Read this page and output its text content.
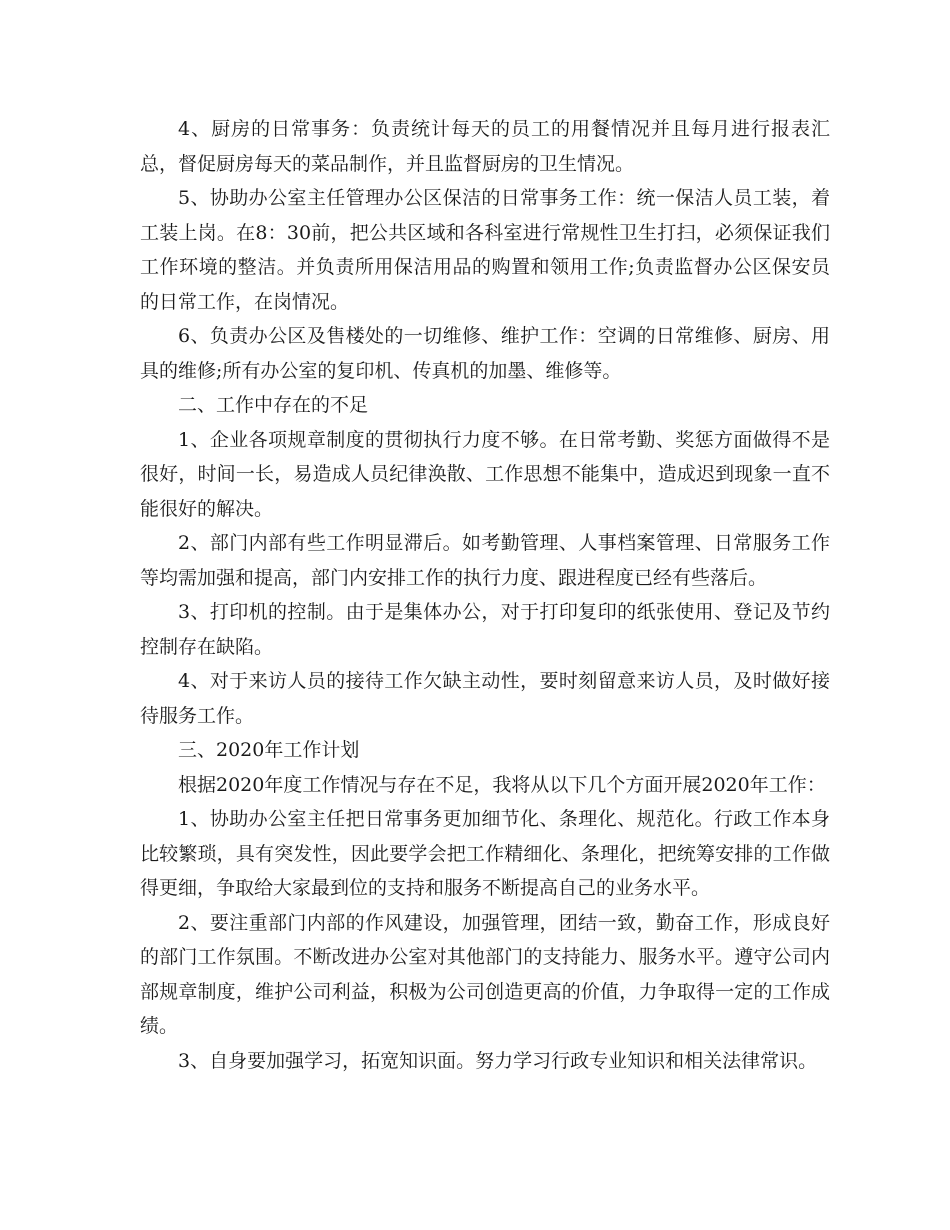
4、厨房的日常事务：负责统计每天的员工的用餐情况并且每月进行报表汇总，督促厨房每天的菜品制作，并且监督厨房的卫生情况。

5、协助办公室主任管理办公区保洁的日常事务工作：统一保洁人员工装，着工装上岗。在8：30前，把公共区域和各科室进行常规性卫生打扫，必须保证我们工作环境的整洁。并负责所用保洁用品的购置和领用工作;负责监督办公区保安员的日常工作，在岗情况。

6、负责办公区及售楼处的一切维修、维护工作：空调的日常维修、厨房、用具的维修;所有办公室的复印机、传真机的加墨、维修等。

二、工作中存在的不足

1、企业各项规章制度的贯彻执行力度不够。在日常考勤、奖惩方面做得不是很好，时间一长，易造成人员纪律涣散、工作思想不能集中，造成迟到现象一直不能很好的解决。

2、部门内部有些工作明显滞后。如考勤管理、人事档案管理、日常服务工作等均需加强和提高，部门内安排工作的执行力度、跟进程度已经有些落后。

3、打印机的控制。由于是集体办公，对于打印复印的纸张使用、登记及节约控制存在缺陷。

4、对于来访人员的接待工作欠缺主动性，要时刻留意来访人员，及时做好接待服务工作。

三、2020年工作计划

根据2020年度工作情况与存在不足，我将从以下几个方面开展2020年工作：

1、协助办公室主任把日常事务更加细节化、条理化、规范化。行政工作本身比较繁琐，具有突发性，因此要学会把工作精细化、条理化，把统筹安排的工作做得更细，争取给大家最到位的支持和服务不断提高自己的业务水平。

2、要注重部门内部的作风建设，加强管理，团结一致，勤奋工作，形成良好的部门工作氛围。不断改进办公室对其他部门的支持能力、服务水平。遵守公司内部规章制度，维护公司利益，积极为公司创造更高的价值，力争取得一定的工作成绩。

3、自身要加强学习，拓宽知识面。努力学习行政专业知识和相关法律常识。
